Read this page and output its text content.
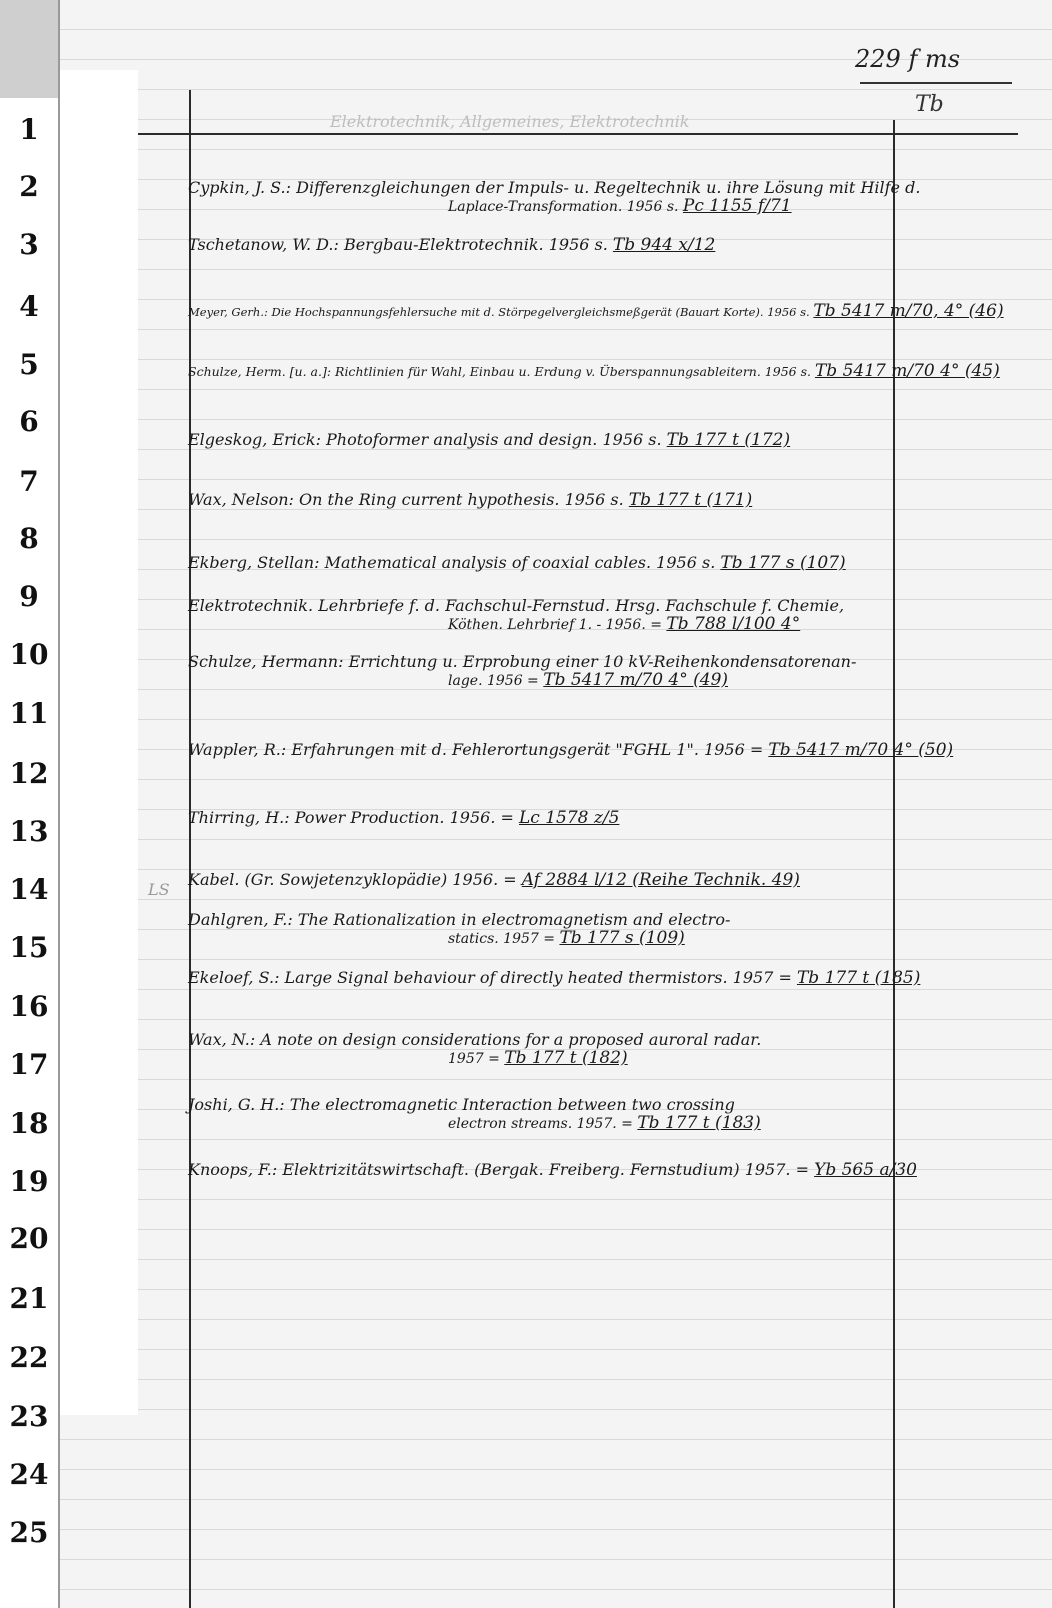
229 f ms
Tb
Elektrotechnik, Allgemeines, Elektrotechnik
LS
1
2
3
4
5
6
7
8
9
10
11
12
13
14
15
16
17
18
19
20
21
22
23
24
25
Cypkin, J. S.: Differenzgleichungen der Impuls- u. Regeltechnik u. ihre Lösung mit Hilfe d.
Laplace-Transformation. 1956 s. Pc 1155 f/71
Tschetanow, W. D.: Bergbau-Elektrotechnik. 1956 s. Tb 944 x/12
Meyer, Gerh.: Die Hochspannungsfehlersuche mit d. Störpegelvergleichsmeßgerät (Bauart Korte). 1956 s. Tb 5417 m/70, 4° (46)
Schulze, Herm. [u. a.]: Richtlinien für Wahl, Einbau u. Erdung v. Überspannungsableitern. 1956 s. Tb 5417 m/70 4° (45)
Elgeskog, Erick: Photoformer analysis and design. 1956 s. Tb 177 t (172)
Wax, Nelson: On the Ring current hypothesis. 1956 s. Tb 177 t (171)
Ekberg, Stellan: Mathematical analysis of coaxial cables. 1956 s. Tb 177 s (107)
Elektrotechnik. Lehrbriefe f. d. Fachschul-Fernstud. Hrsg. Fachschule f. Chemie,
Köthen. Lehrbrief 1. - 1956. = Tb 788 l/100 4°
Schulze, Hermann: Errichtung u. Erprobung einer 10 kV-Reihenkondensatorenan-
lage. 1956 = Tb 5417 m/70 4° (49)
Wappler, R.: Erfahrungen mit d. Fehlerortungsgerät "FGHL 1". 1956 = Tb 5417 m/70 4° (50)
Thirring, H.: Power Production. 1956. = Lc 1578 z/5
Kabel. (Gr. Sowjetenzyklopädie) 1956. = Af 2884 l/12 (Reihe Technik. 49)
Dahlgren, F.: The Rationalization in electromagnetism and electro-
statics. 1957 = Tb 177 s (109)
Ekeloef, S.: Large Signal behaviour of directly heated thermistors. 1957 = Tb 177 t (185)
Wax, N.: A note on design considerations for a proposed auroral radar.
1957 = Tb 177 t (182)
Joshi, G. H.: The electromagnetic Interaction between two crossing
electron streams. 1957. = Tb 177 t (183)
Knoops, F.: Elektrizitätswirtschaft. (Bergak. Freiberg. Fernstudium) 1957. = Yb 565 a/30
